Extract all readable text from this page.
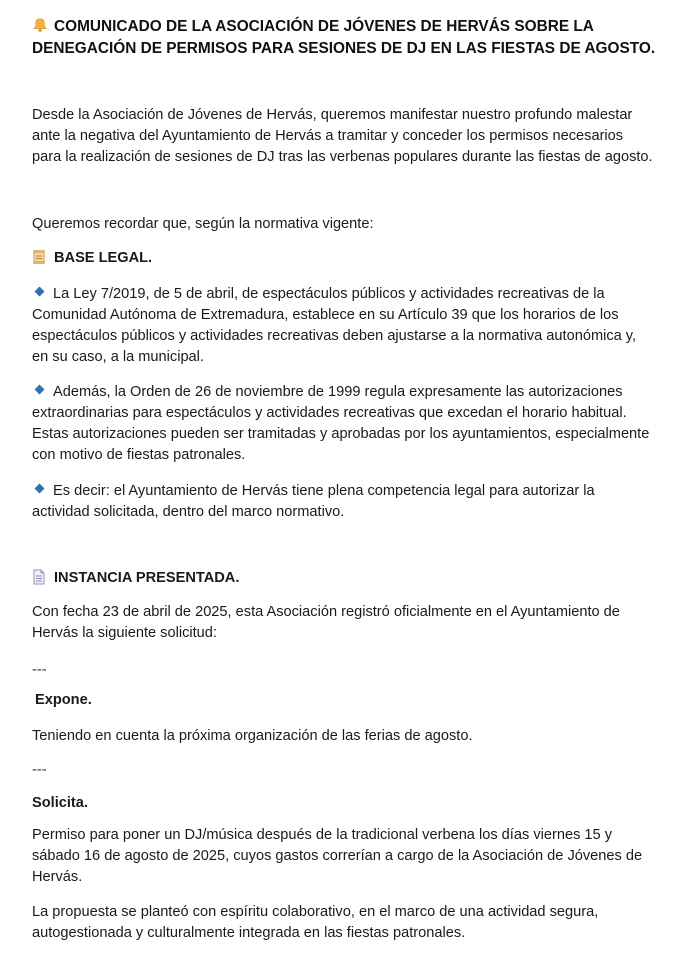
COMUNICADO DE LA ASOCIACIÓN DE JÓVENES DE HERVÁS SOBRE LA
DENEGACIÓN DE PERMISOS PARA SESIONES DE DJ EN LAS FIESTAS DE AGOSTO.
Desde la Asociación de Jóvenes de Hervás, queremos manifestar nuestro profundo malestar
ante la negativa del Ayuntamiento de Hervás a tramitar y conceder los permisos necesarios
para la realización de sesiones de DJ tras las verbenas populares durante las fiestas de agosto.
Queremos recordar que, según la normativa vigente:
BASE LEGAL.
La Ley 7/2019, de 5 de abril, de espectáculos públicos y actividades recreativas de la
Comunidad Autónoma de Extremadura, establece en su Artículo 39 que los horarios de los
espectáculos públicos y actividades recreativas deben ajustarse a la normativa autonómica y,
en su caso, a la municipal.
Además, la Orden de 26 de noviembre de 1999 regula expresamente las autorizaciones
extraordinarias para espectáculos y actividades recreativas que excedan el horario habitual.
Estas autorizaciones pueden ser tramitadas y aprobadas por los ayuntamientos, especialmente
con motivo de fiestas patronales.
Es decir: el Ayuntamiento de Hervás tiene plena competencia legal para autorizar la
actividad solicitada, dentro del marco normativo.
INSTANCIA PRESENTADA.
Con fecha 23 de abril de 2025, esta Asociación registró oficialmente en el Ayuntamiento de
Hervás la siguiente solicitud:
---
Expone.
Teniendo en cuenta la próxima organización de las ferias de agosto.
---
Solicita.
Permiso para poner un DJ/música después de la tradicional verbena los días viernes 15 y
sábado 16 de agosto de 2025, cuyos gastos correrían a cargo de la Asociación de Jóvenes de
Hervás.
La propuesta se planteó con espíritu colaborativo, en el marco de una actividad segura,
autogestionada y culturalmente integrada en las fiestas patronales.
